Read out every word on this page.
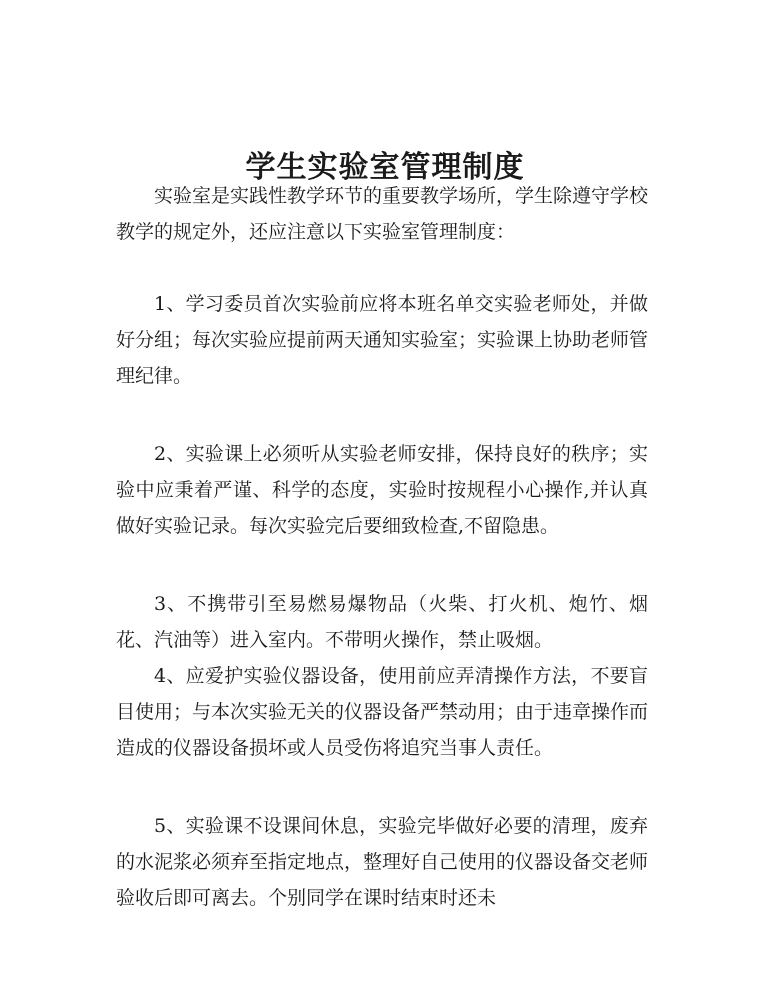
学生实验室管理制度

实验室是实践性教学环节的重要教学场所，学生除遵守学校教学的规定外，还应注意以下实验室管理制度：

1、学习委员首次实验前应将本班名单交实验老师处，并做好分组；每次实验应提前两天通知实验室；实验课上协助老师管理纪律。

2、实验课上必须听从实验老师安排，保持良好的秩序；实验中应秉着严谨、科学的态度，实验时按规程小心操作,并认真做好实验记录。每次实验完后要细致检查,不留隐患。

3、不携带引至易燃易爆物品（火柴、打火机、炮竹、烟花、汽油等）进入室内。不带明火操作，禁止吸烟。

4、应爱护实验仪器设备，使用前应弄清操作方法，不要盲目使用；与本次实验无关的仪器设备严禁动用；由于违章操作而造成的仪器设备损坏或人员受伤将追究当事人责任。

5、实验课不设课间休息，实验完毕做好必要的清理，废弃的水泥浆必须弃至指定地点，整理好自己使用的仪器设备交老师验收后即可离去。个别同学在课时结束时还未
